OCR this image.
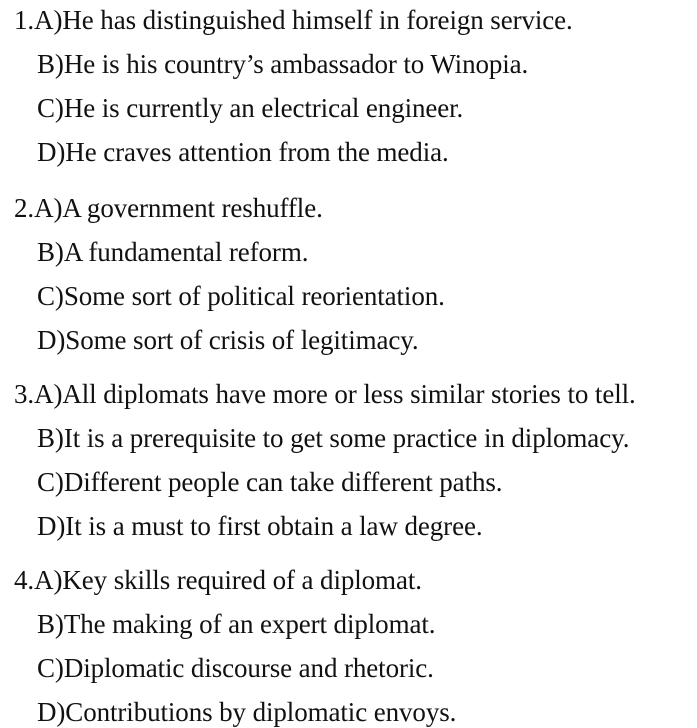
1.A)He has distinguished himself in foreign service.
B)He is his country’s ambassador to Winopia.
C)He is currently an electrical engineer.
D)He craves attention from the media.
2.A)A government reshuffle.
B)A fundamental reform.
C)Some sort of political reorientation.
D)Some sort of crisis of legitimacy.
3.A)All diplomats have more or less similar stories to tell.
B)It is a prerequisite to get some practice in diplomacy.
C)Different people can take different paths.
D)It is a must to first obtain a law degree.
4.A)Key skills required of a diplomat.
B)The making of an expert diplomat.
C)Diplomatic discourse and rhetoric.
D)Contributions by diplomatic envoys.
